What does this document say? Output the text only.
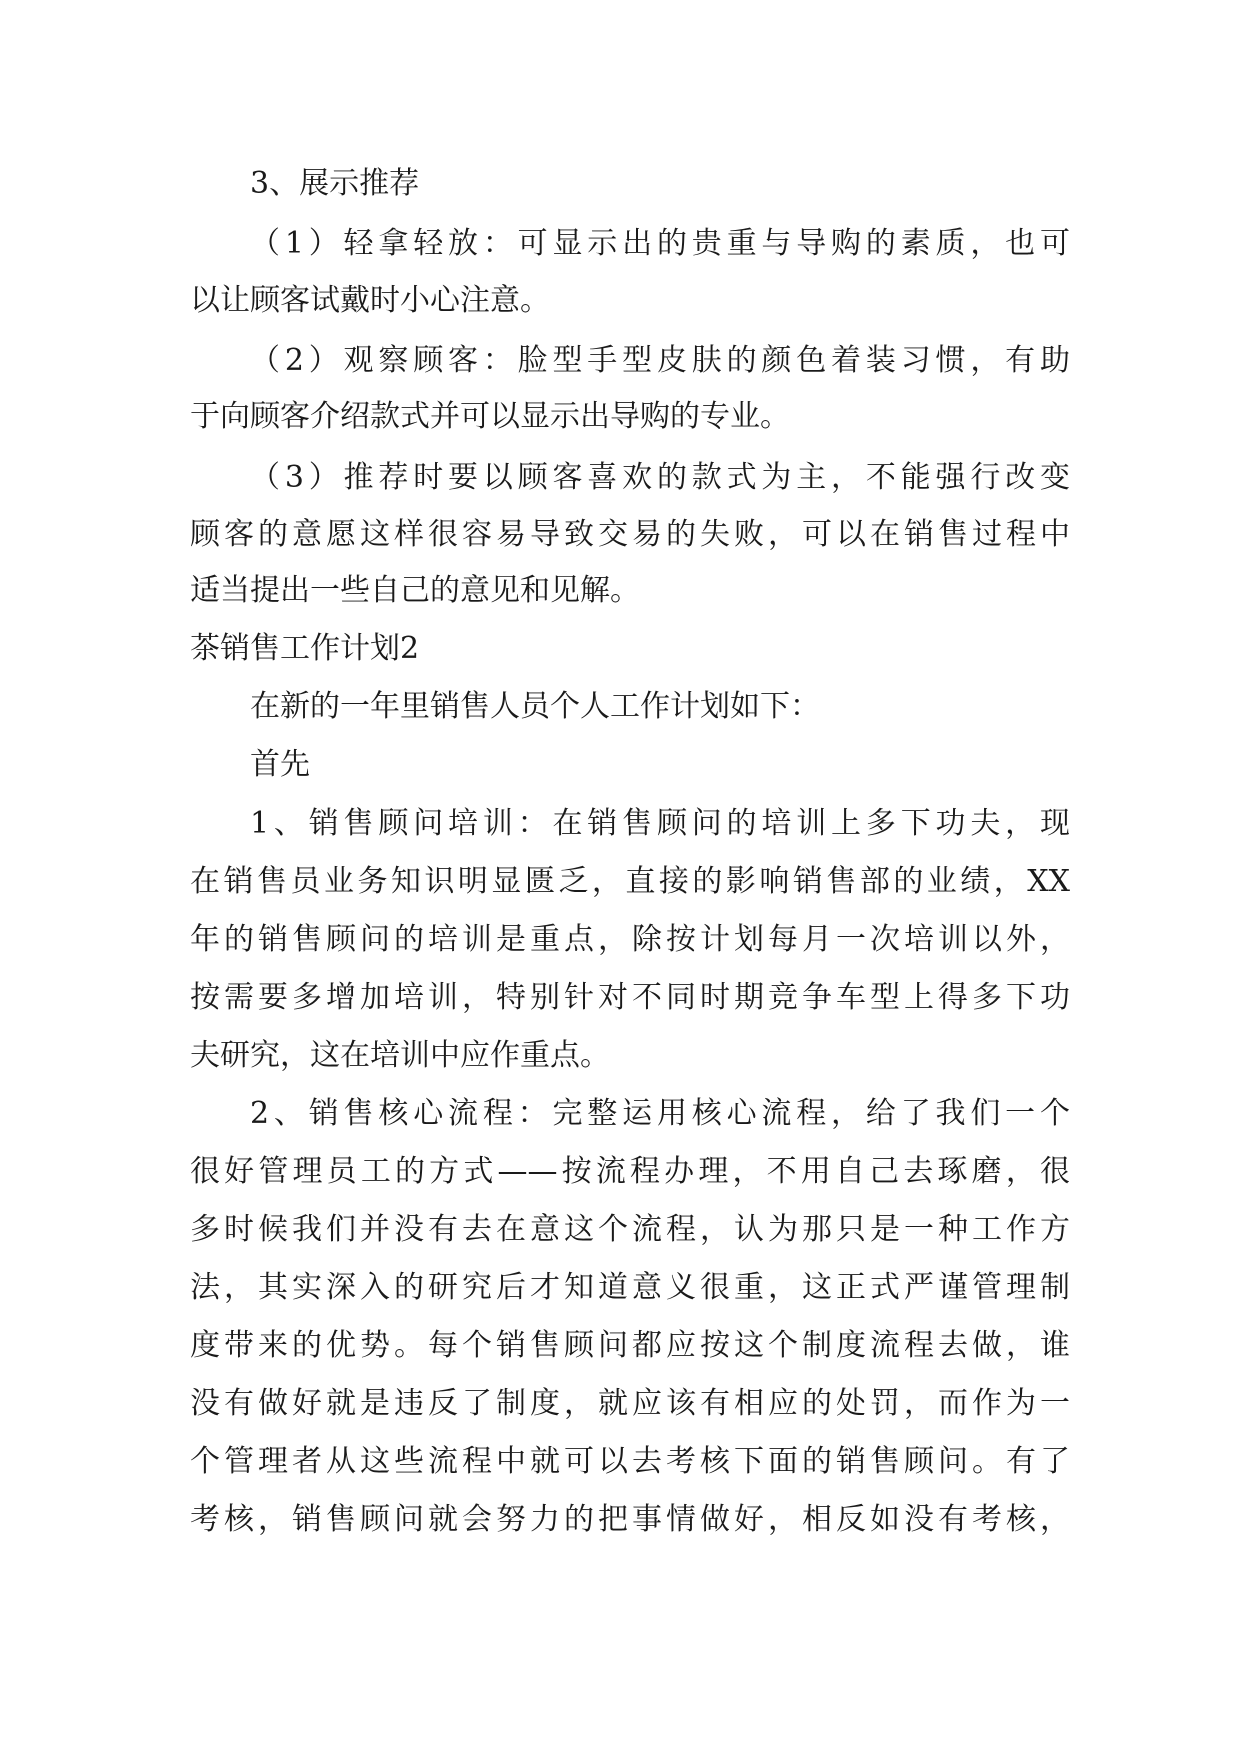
3、展示推荐
（1）轻拿轻放：可显示出的贵重与导购的素质，也可
以让顾客试戴时小心注意。
（2）观察顾客：脸型手型皮肤的颜色着装习惯，有助
于向顾客介绍款式并可以显示出导购的专业。
（3）推荐时要以顾客喜欢的款式为主，不能强行改变
顾客的意愿这样很容易导致交易的失败，可以在销售过程中
适当提出一些自己的意见和见解。
茶销售工作计划2
在新的一年里销售人员个人工作计划如下：
首先
1、销售顾问培训：在销售顾问的培训上多下功夫，现
在销售员业务知识明显匮乏，直接的影响销售部的业绩，XX
年的销售顾问的培训是重点，除按计划每月一次培训以外，
按需要多增加培训，特别针对不同时期竞争车型上得多下功
夫研究，这在培训中应作重点。
2、销售核心流程：完整运用核心流程，给了我们一个
很好管理员工的方式——按流程办理，不用自己去琢磨，很
多时候我们并没有去在意这个流程，认为那只是一种工作方
法，其实深入的研究后才知道意义很重，这正式严谨管理制
度带来的优势。每个销售顾问都应按这个制度流程去做，谁
没有做好就是违反了制度，就应该有相应的处罚，而作为一
个管理者从这些流程中就可以去考核下面的销售顾问。有了
考核，销售顾问就会努力的把事情做好，相反如没有考核，
